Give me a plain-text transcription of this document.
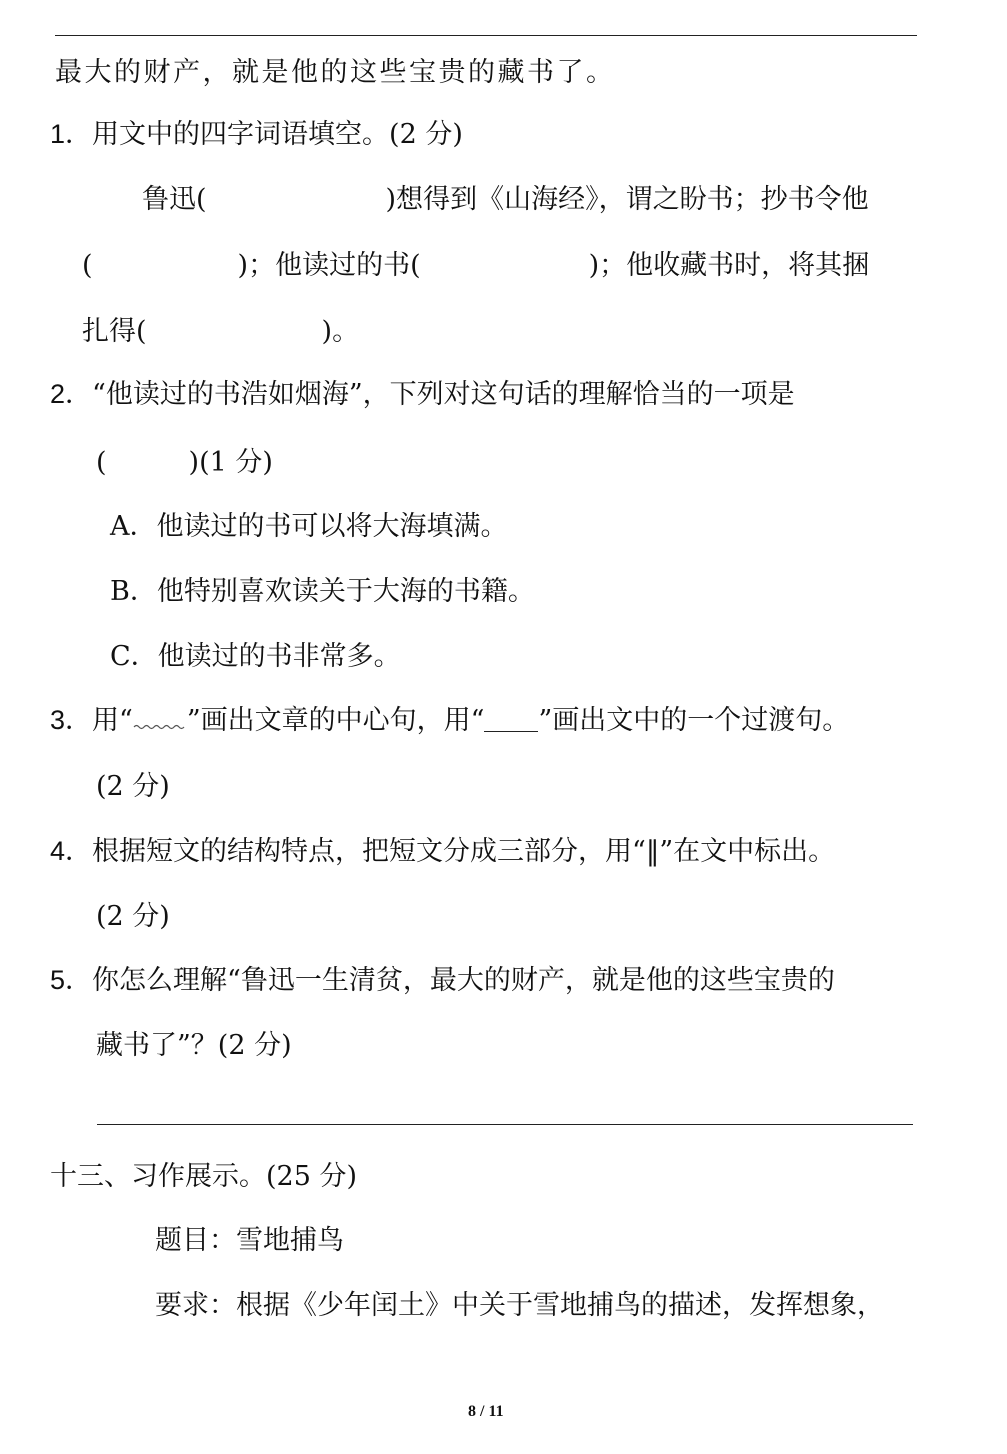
最大的财产，就是他的这些宝贵的藏书了。
1．用文中的四字词语填空。(2 分)
鲁迅(	)想得到《山海经》，谓之盼书；抄书令他
(	)；他读过的书(	)；他收藏书时，将其捆
扎得(	)。
2．“他读过的书浩如烟海”，下列对这句话的理解恰当的一项是
(	)(1 分)
A．他读过的书可以将大海填满。
B．他特别喜欢读关于大海的书籍。
C．他读过的书非常多。
3．用“ ”画出文章的中心句，用“ ”画出文中的一个过渡句。
(2 分)
4．根据短文的结构特点，把短文分成三部分，用“‖”在文中标出。
(2 分)
5．你怎么理解“鲁迅一生清贫，最大的财产，就是他的这些宝贵的
藏书了”？(2 分)
十三、习作展示。(25 分)
题目：雪地捕鸟
要求：根据《少年闰土》中关于雪地捕鸟的描述，发挥想象，
8 / 11
